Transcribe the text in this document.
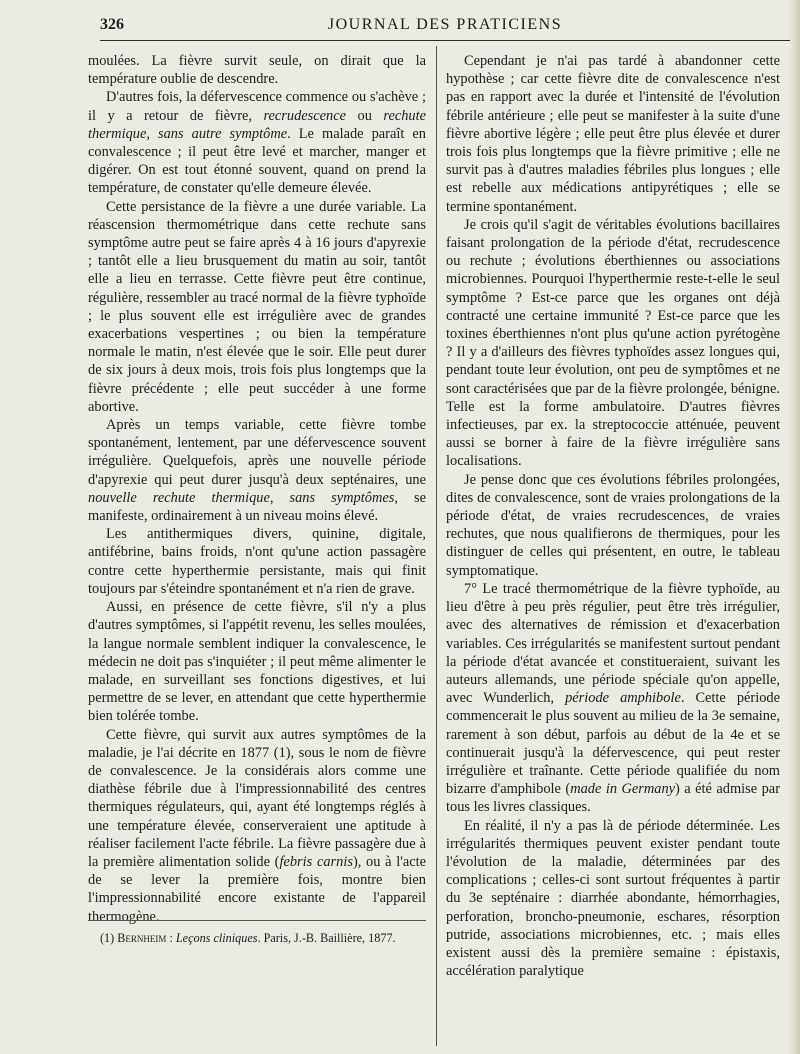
326	JOURNAL DES PRATICIENS

moulées. La fièvre survit seule, on dirait que la température oublie de descendre.

D'autres fois, la défervescence commence ou s'achève ; il y a retour de fièvre, recrudescence ou rechute thermique, sans autre symptôme. Le malade paraît en convalescence ; il peut être levé et marcher, manger et digérer. On est tout étonné souvent, quand on prend la température, de constater qu'elle demeure élevée.

Cette persistance de la fièvre a une durée variable. La réascension thermométrique dans cette rechute sans symptôme autre peut se faire après 4 à 16 jours d'apyrexie ; tantôt elle a lieu brusquement du matin au soir, tantôt elle a lieu en terrasse. Cette fièvre peut être continue, régulière, ressembler au tracé normal de la fièvre typhoïde ; le plus souvent elle est irrégulière avec de grandes exacerbations vespertines ; ou bien la température normale le matin, n'est élevée que le soir. Elle peut durer de six jours à deux mois, trois fois plus longtemps que la fièvre précédente ; elle peut succéder à une forme abortive.

Après un temps variable, cette fièvre tombe spontanément, lentement, par une défervescence souvent irrégulière. Quelquefois, après une nouvelle période d'apyrexie qui peut durer jusqu'à deux septénaires, une nouvelle rechute thermique, sans symptômes, se manifeste, ordinairement à un niveau moins élevé.

Les antithermiques divers, quinine, digitale, antifébrine, bains froids, n'ont qu'une action passagère contre cette hyperthermie persistante, mais qui finit toujours par s'éteindre spontanément et n'a rien de grave.

Aussi, en présence de cette fièvre, s'il n'y a plus d'autres symptômes, si l'appétit revenu, les selles moulées, la langue normale semblent indiquer la convalescence, le médecin ne doit pas s'inquiéter ; il peut même alimenter le malade, en surveillant ses fonctions digestives, et lui permettre de se lever, en attendant que cette hyperthermie bien tolérée tombe.

Cette fièvre, qui survit aux autres symptômes de la maladie, je l'ai décrite en 1877 (1), sous le nom de fièvre de convalescence. Je la considérais alors comme une diathèse fébrile due à l'impressionnabilité des centres thermiques régulateurs, qui, ayant été longtemps réglés à une température élevée, conserveraient une aptitude à réaliser facilement l'acte fébrile. La fièvre passagère due à la première alimentation solide (febris carnis), ou à l'acte de se lever la première fois, montre bien l'impressionnabilité encore existante de l'appareil thermogène.

(1) Bernheim : Leçons cliniques. Paris, J.-B. Baillière, 1877.

Cependant je n'ai pas tardé à abandonner cette hypothèse ; car cette fièvre dite de convalescence n'est pas en rapport avec la durée et l'intensité de l'évolution fébrile antérieure ; elle peut se manifester à la suite d'une fièvre abortive légère ; elle peut être plus élevée et durer trois fois plus longtemps que la fièvre primitive ; elle ne survit pas à d'autres maladies fébriles plus longues ; elle est rebelle aux médications antipyrétiques ; elle se termine spontanément.

Je crois qu'il s'agit de véritables évolutions bacillaires faisant prolongation de la période d'état, recrudescence ou rechute ; évolutions éberthiennes ou associations microbiennes. Pourquoi l'hyperthermie reste-t-elle le seul symptôme ? Est-ce parce que les organes ont déjà contracté une certaine immunité ? Est-ce parce que les toxines éberthiennes n'ont plus qu'une action pyrétogène ? Il y a d'ailleurs des fièvres typhoïdes assez longues qui, pendant toute leur évolution, ont peu de symptômes et ne sont caractérisées que par de la fièvre prolongée, bénigne. Telle est la forme ambulatoire. D'autres fièvres infectieuses, par ex. la streptococcie atténuée, peuvent aussi se borner à faire de la fièvre irrégulière sans localisations.

Je pense donc que ces évolutions fébriles prolongées, dites de convalescence, sont de vraies prolongations de la période d'état, de vraies recrudescences, de vraies rechutes, que nous qualifierons de thermiques, pour les distinguer de celles qui présentent, en outre, le tableau symptomatique.

7° Le tracé thermométrique de la fièvre typhoïde, au lieu d'être à peu près régulier, peut être très irrégulier, avec des alternatives de rémission et d'exacerbation variables. Ces irrégularités se manifestent surtout pendant la période d'état avancée et constitueraient, suivant les auteurs allemands, une période spéciale qu'on appelle, avec Wunderlich, période amphibole. Cette période commencerait le plus souvent au milieu de la 3e semaine, rarement à son début, parfois au début de la 4e et se continuerait jusqu'à la défervescence, qui peut rester irrégulière et traînante. Cette période qualifiée du nom bizarre d'amphibole (made in Germany) a été admise par tous les livres classiques.

En réalité, il n'y a pas là de période déterminée. Les irrégularités thermiques peuvent exister pendant toute l'évolution de la maladie, déterminées par des complications ; celles-ci sont surtout fréquentes à partir du 3e septénaire : diarrhée abondante, hémorrhagies, perforation, broncho-pneumonie, eschares, résorption putride, associations microbiennes, etc. ; mais elles existent aussi dès la première semaine : épistaxis, accélération paralytique
